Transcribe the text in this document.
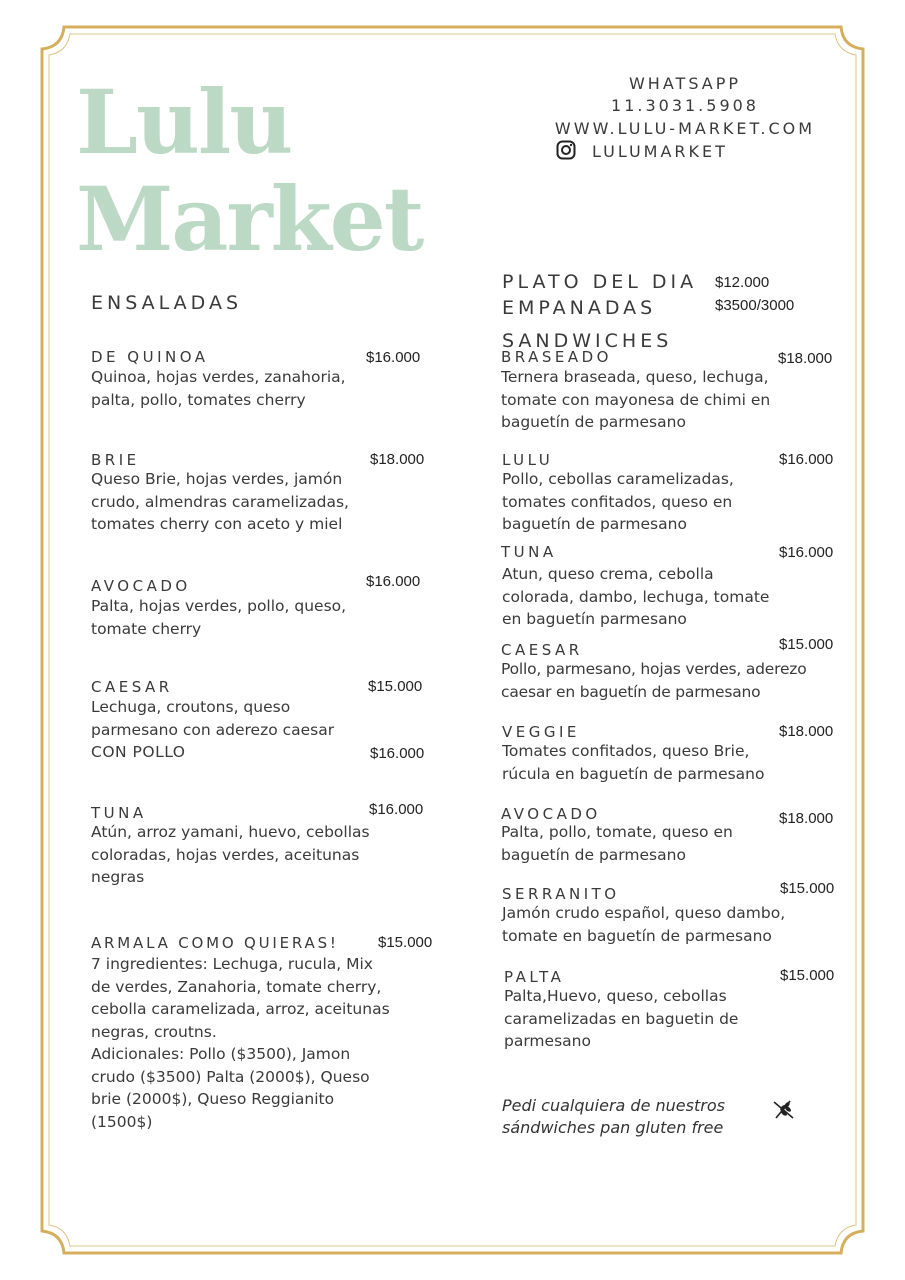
Lulu
Market
WHATSAPP
11.3031.5908
WWW.LULU-MARKET.COM
LULUMARKET
PLATO DEL DIA $12.000
EMPANADAS	$3500/3000
ENSALADAS
DE QUINOA	$16.000
Quinoa, hojas verdes, zanahoria,
palta, pollo, tomates cherry
BRIE	$18.000
Queso Brie, hojas verdes, jamón
crudo, almendras caramelizadas,
tomates cherry con aceto y miel
AVOCADO	$16.000
Palta, hojas verdes, pollo, queso,
tomate cherry
CAESAR	$15.000
Lechuga, croutons, queso
parmesano con aderezo caesar
CON POLLO	$16.000
TUNA	$16.000
Atún, arroz yamani, huevo, cebollas
coloradas, hojas verdes, aceitunas
negras
ARMALA COMO QUIERAS!	$15.000
7 ingredientes: Lechuga, rucula, Mix
de verdes, Zanahoria, tomate cherry,
cebolla caramelizada, arroz, aceitunas
negras, croutns.
Adicionales: Pollo ($3500), Jamon
crudo ($3500) Palta (2000$), Queso
brie (2000$), Queso Reggianito
(1500$)
SANDWICHES
BRASEADO	$18.000
Ternera braseada, queso, lechuga,
tomate con mayonesa de chimi en
baguetín de parmesano
LULU	$16.000
Pollo, cebollas caramelizadas,
tomates confitados, queso en
baguetín de parmesano
TUNA	$16.000
Atun, queso crema, cebolla
colorada, dambo, lechuga, tomate
en baguetín parmesano
CAESAR	$15.000
Pollo, parmesano, hojas verdes, aderezo
caesar en baguetín de parmesano
VEGGIE	$18.000
Tomates confitados, queso Brie,
rúcula en baguetín de parmesano
AVOCADO	$18.000
Palta, pollo, tomate, queso en
baguetín de parmesano
SERRANITO	$15.000
Jamón crudo español, queso dambo,
tomate en baguetín de parmesano
PALTA	$15.000
Palta,Huevo, queso, cebollas
caramelizadas en baguetin de
parmesano
Pedi cualquiera de nuestros
sándwiches pan gluten free
